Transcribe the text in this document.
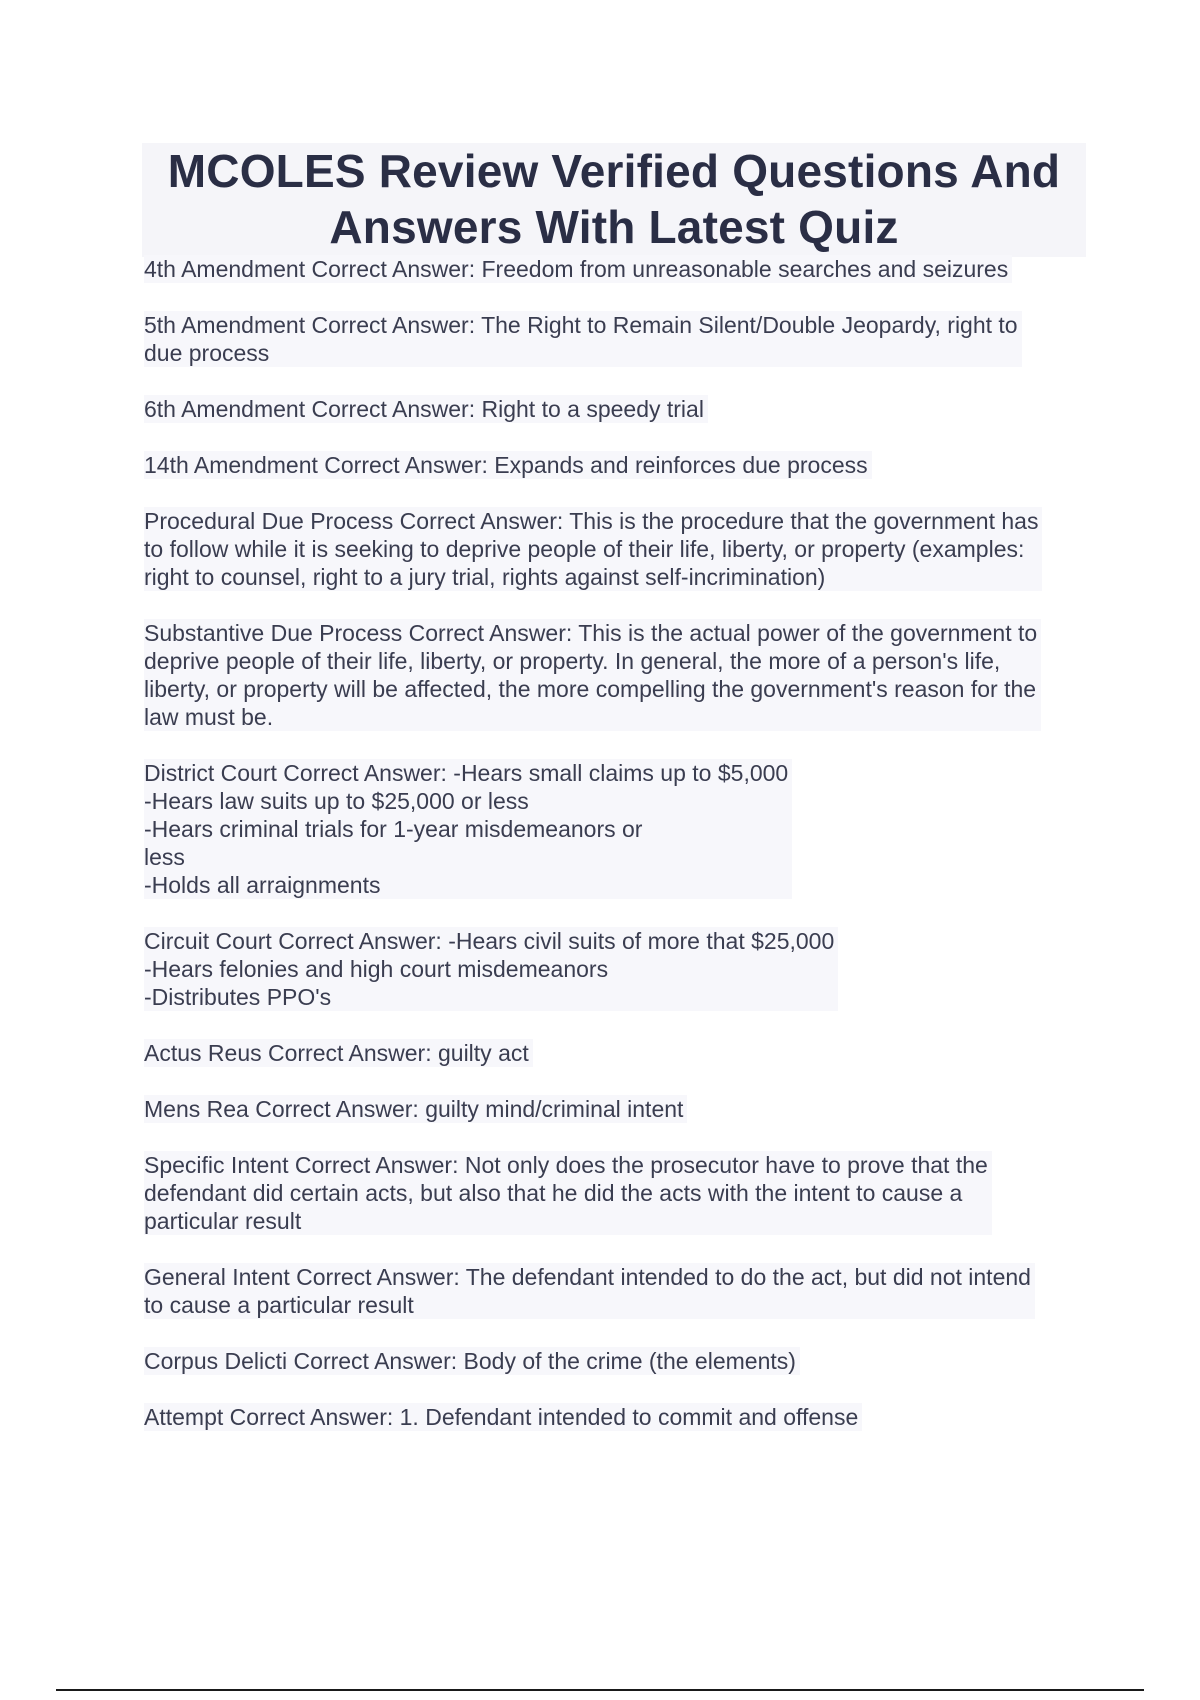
MCOLES Review Verified Questions And
Answers With Latest Quiz
4th Amendment Correct Answer: Freedom from unreasonable searches and seizures
5th Amendment Correct Answer: The Right to Remain Silent/Double Jeopardy, right to
due process
6th Amendment Correct Answer: Right to a speedy trial
14th Amendment Correct Answer: Expands and reinforces due process
Procedural Due Process Correct Answer: This is the procedure that the government has
to follow while it is seeking to deprive people of their life, liberty, or property (examples:
right to counsel, right to a jury trial, rights against self-incrimination)
Substantive Due Process Correct Answer: This is the actual power of the government to
deprive people of their life, liberty, or property. In general, the more of a person's life,
liberty, or property will be affected, the more compelling the government's reason for the
law must be.
District Court Correct Answer: -Hears small claims up to $5,000
-Hears law suits up to $25,000 or less
-Hears criminal trials for 1-year misdemeanors or
less
-Holds all arraignments
Circuit Court Correct Answer: -Hears civil suits of more that $25,000
-Hears felonies and high court misdemeanors
-Distributes PPO's
Actus Reus Correct Answer: guilty act
Mens Rea Correct Answer: guilty mind/criminal intent
Specific Intent Correct Answer: Not only does the prosecutor have to prove that the
defendant did certain acts, but also that he did the acts with the intent to cause a
particular result
General Intent Correct Answer: The defendant intended to do the act, but did not intend
to cause a particular result
Corpus Delicti Correct Answer: Body of the crime (the elements)
Attempt Correct Answer: 1. Defendant intended to commit and offense
